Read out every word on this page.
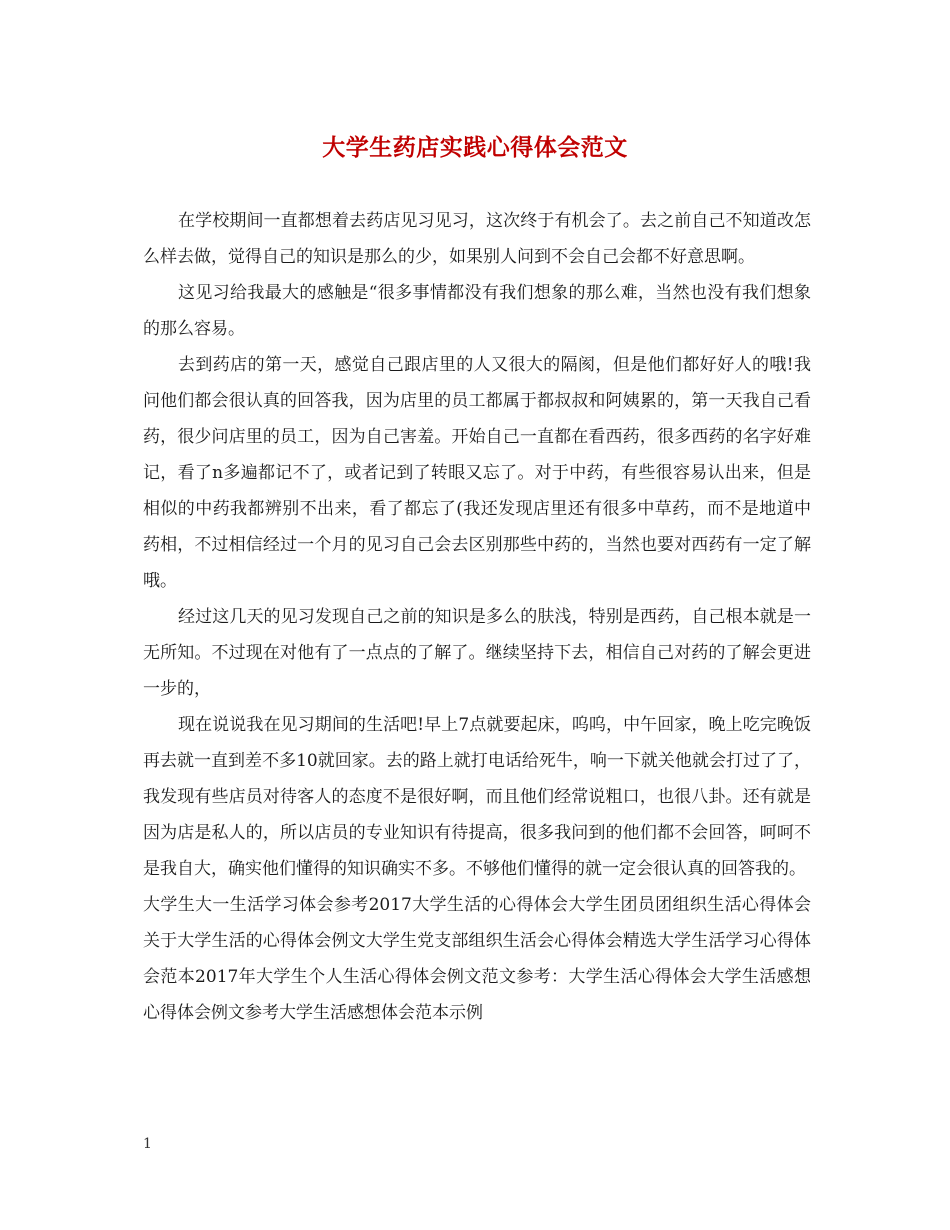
大学生药店实践心得体会范文

在学校期间一直都想着去药店见习见习，这次终于有机会了。去之前自己不知道改怎么样去做，觉得自己的知识是那么的少，如果别人问到不会自己会都不好意思啊。

这见习给我最大的感触是“很多事情都没有我们想象的那么难，当然也没有我们想象的那么容易。

去到药店的第一天，感觉自己跟店里的人又很大的隔阂，但是他们都好好人的哦!我问他们都会很认真的回答我，因为店里的员工都属于都叔叔和阿姨累的，第一天我自己看药，很少问店里的员工，因为自己害羞。开始自己一直都在看西药，很多西药的名字好难记，看了n多遍都记不了，或者记到了转眼又忘了。对于中药，有些很容易认出来，但是相似的中药我都辨别不出来，看了都忘了(我还发现店里还有很多中草药，而不是地道中药相，不过相信经过一个月的见习自己会去区别那些中药的，当然也要对西药有一定了解哦。

经过这几天的见习发现自己之前的知识是多么的肤浅，特别是西药，自己根本就是一无所知。不过现在对他有了一点点的了解了。继续坚持下去，相信自己对药的了解会更进一步的，

现在说说我在见习期间的生活吧!早上7点就要起床，呜呜，中午回家，晚上吃完晚饭再去就一直到差不多10就回家。去的路上就打电话给死牛，响一下就关他就会打过了了，我发现有些店员对待客人的态度不是很好啊，而且他们经常说粗口，也很八卦。还有就是因为店是私人的，所以店员的专业知识有待提高，很多我问到的他们都不会回答，呵呵不是我自大，确实他们懂得的知识确实不多。不够他们懂得的就一定会很认真的回答我的。

大学生大一生活学习体会参考2017大学生活的心得体会大学生团员团组织生活心得体会关于大学生活的心得体会例文大学生党支部组织生活会心得体会精选大学生活学习心得体会范本2017年大学生个人生活心得体会例文范文参考：大学生活心得体会大学生活感想心得体会例文参考大学生活感想体会范本示例

1
